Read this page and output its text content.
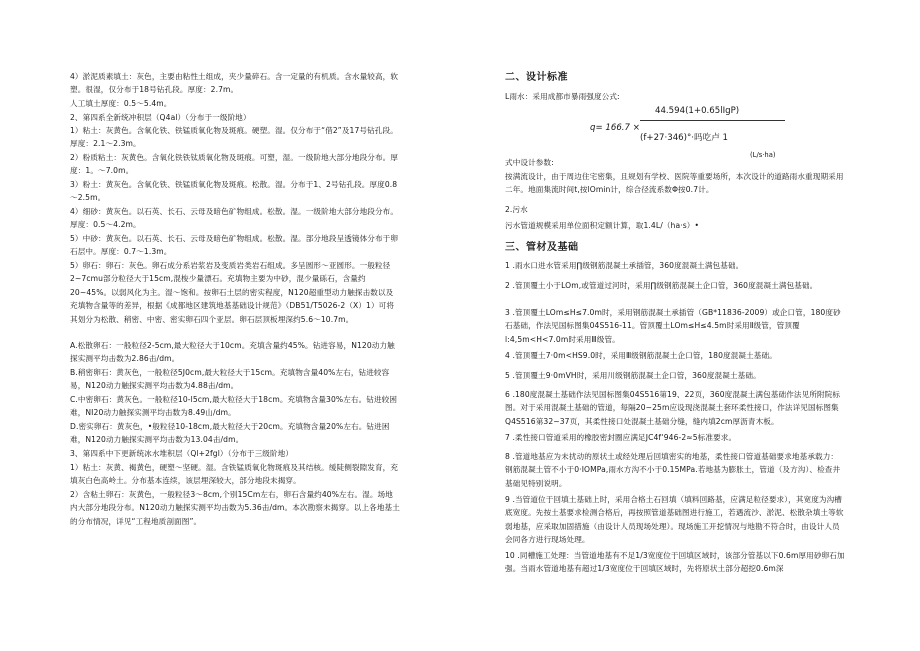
4）淤泥质素填土：灰色，主要由粘性土组成，夹少量碎石。含一定量的有机质。含水量较高，软塑。很湿，仅分布于18号钻孔段。厚度：2.7m。
人工填土厚度：0.5～5.4m。
2、第四系全新统冲积层（Q4al）（分布于一级阶地）
1）粘土：灰黄色。含氧化铁、铁锰质氧化物及斑痕。硬塑。湿。仅分布于“借2”及17号钻孔段。厚度：2.1～2.3m。
2）粉质粘土：灰黄色。含氧化铁铁钛质氧化物及斑痕。可塑，湿。一级阶地大部分地段分布。厚度：1。～7.0m。
3）粉土：黄灰色。含氧化铁、铁锰质氧化物及斑痕。松散。湿。分布于1、2号钻孔段。厚度0.8～2.5m。
4）细砂：黄灰色。以石英、长石、云母及暗色矿物组成。松散。湿。一级阶地大部分地段分布。厚度：0.5～4.2m。
5）中砂：黄灰色。以石英、长石、云母及暗色矿物组成。松散。湿。部分地段呈透镜体分布于卵石层中。厚度：0.7～1.3m。
5）卵石：卵石：灰色。卵石成分系岩浆岩及变质岩类岩石组成。多呈圆形～亚圆形。一般粒径2~7cmu部分粒径大于15cm,混梭少量漂石。充填物主要为中砂，混少量砾石，含量约20~45%。以弱风化为主。湿～饱和。按卵石土层的密实程度，N120超重型动力触探击数以及充填物含量等的差异，根据《成都地区建筑地基基础设计规范》（DB51/T5026-2（X）1）可将其划分为松散、稍密、中密、密实卵石四个亚层。卵石层顶板埋深约5.6～10.7m。
A.松散卵石：一般粒径2-5cm,最大粒径大于10cm。充填含量约45%。钻进容易，N120动力触探实测平均击数为2.86击/dm。
B.稍密卵石：黄灰色，一般粒径5J0cm,最大粒径大于15cm。充填物含量40%左右，钻进较容易，N120动力触探实测平均击数为4.88击/dm。
C.中密卵石：黄灰色。一般粒径10-l5cm,最大粒径大于18cm。充填物含量30%左右。钻进较困难，NI20动力触探实测平均击数为8.49山/dm。
D.密实卵石：黄灰色，•般粒径10-18cm,最大粒径大于20cm。充填物含量20%左右。钻进困难，N120动力触探实测平均击数为13.04击/dm。
3、第四系中下更新统冰水堆积层（Ql+2fgl）（分布于三级阶地）
1）粘土：灰黄、褐黄色，硬塑～坚硬。湿。含铁锰质氧化物斑痕及其结核。缓陡侧裂隙发育，充填灰白色高岭土。分布基本连续，该层埋深较大，部分地段未揭穿。
2）含粘土卵石：灰黄色，一般粒径3～8cm,个别15Cm左右，卵石含量约40%左右。湿。场地内大部分地段分布。N120动力触探实测平均击数为5.36击/dm。本次勘察未揭穿。以上各地基土的分布情况，详见“工程地质剖面图”。
二、设计标准
L雨水：采用成都市暴雨强度公式:
44.594(1+0.65lIgP)
q= 166.7 ×
(f+27·346)°·吗吃卢 1
(L/s·ha)
式中设计参数:
按满流设计，由于周边住宅密集，且规划有学校、医院等重要场所，本次设计的道路雨水重现期采用二年。地面集流时间t,按lOmin计，综合径流系数Φ按0.7计。
2.污水
污水管道规模采用单位面积定额计算，取1.4L/（ha·s）•
三、管材及基础
1 .雨水口进水管采用∏级钢筋混凝土承插管，360度混凝土满包基础。
2 .管顶覆土小于LOm,或管道过河时，采用∏级钢筋混凝土企口管，360度混凝土满包基础。
3 .管顶覆土LOm≤H≤7.0m时，采用钢筋混凝土承插管（GB*11836-2009）或企口管，180度砂石基础，作法见国标图集04S516-11。管顶覆土LOm≤H≤4.5m时采用Ⅱ级管，管顶覆l:4,5m<H<7.0m时采用Ⅲ级管。
4 .管顶覆土7·0m<HS9.0时，采用Ⅲ级钢筋混凝土企口管，180度混凝土基础。
5 .管顶覆土9·0mVH时，采用川级钢筋混凝土企口管，360度混凝土基础。
6 .180度混凝土基础作法见国标图集04S516第19、22页，360度混凝土满包基础作法见所附院标图。对于采用混凝土基础的管道，每隔20~25m应设现浇混凝土套环柔性接口，作法详见国标图集Q4S516第32~37页，其柔性接口处混凝土基础分缝，缝内填2cm厚沥青木板。
7 .柔性接口管道采用的橡胶密封圈应满足JC4f‘946-2≈5标准要求。
8 .管道地基应为未扰动的原状土或经处理后回填密实的地基，柔性接口管道基础要求地基承载力：钢筋混凝土管不小于0·IOMPa,雨水方沟不小于0.15MPa.若地基为膨胀土，管道（及方沟）、检查井基础见特别说明。
9 .当管道位于回填土基础上时，采用合格土石回填（填料回路基，应满足粒径要求），其宽度为沟槽底宽度。先按土基要求检测合格后，再按照管道基础图进行施工，若遇流沙、淤泥、松散杂填土等软弱地基，应采取加固措施（由设计人员现场处理）。现场施工开挖情况与地勘不符合时，由设计人员会同各方进行现场处理。
10 .同槽施工处理：当管道地基有不足1/3宽度位于回填区域时，该部分管基以下0.6m厚用砂卵石加强。当雨水管道地基有超过1/3宽度位于回填区域时，先将原状土部分超挖0.6m深
